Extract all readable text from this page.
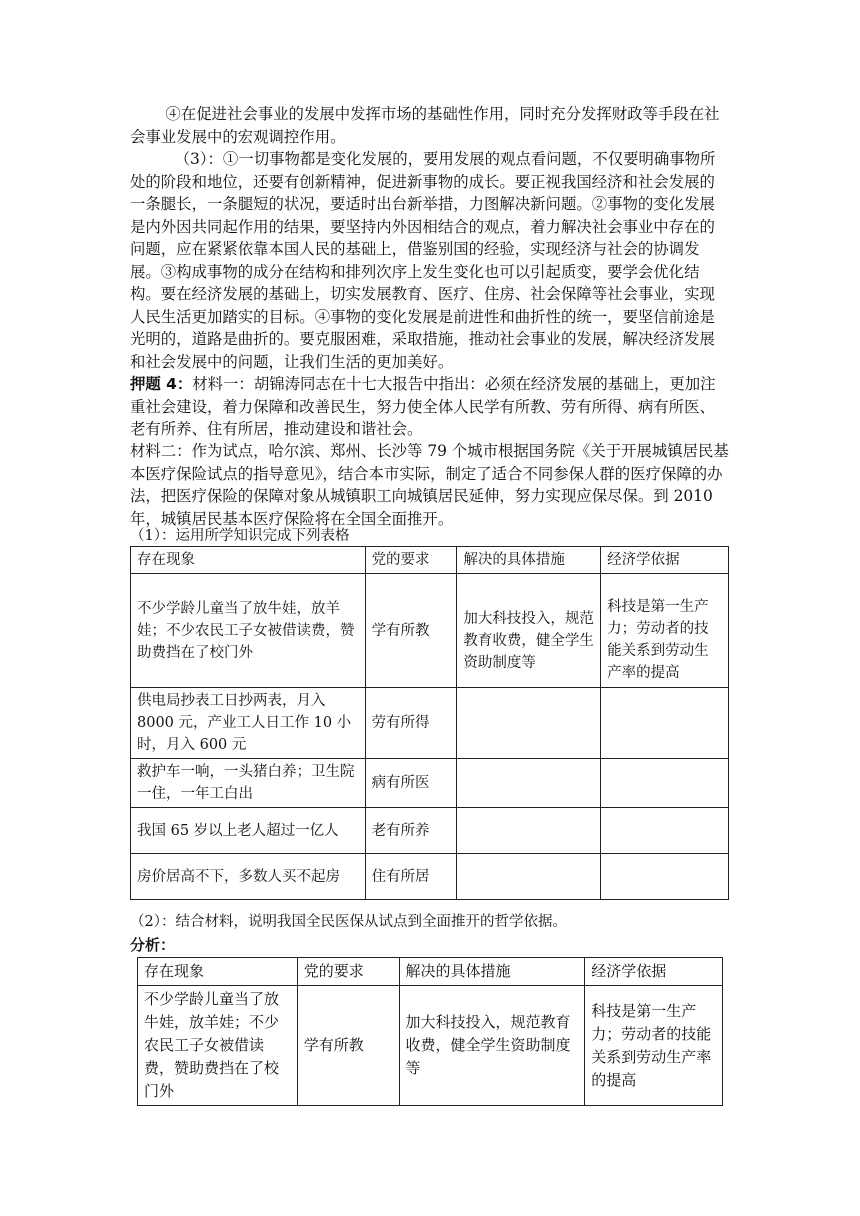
④在促进社会事业的发展中发挥市场的基础性作用，同时充分发挥财政等手段在社会事业发展中的宏观调控作用。
（3）：①一切事物都是变化发展的，要用发展的观点看问题，不仅要明确事物所处的阶段和地位，还要有创新精神，促进新事物的成长。要正视我国经济和社会发展的一条腿长，一条腿短的状况，要适时出台新举措，力图解决新问题。②事物的变化发展是内外因共同起作用的结果，要坚持内外因相结合的观点，着力解决社会事业中存在的问题，应在紧紧依靠本国人民的基础上，借鉴别国的经验，实现经济与社会的协调发展。③构成事物的成分在结构和排列次序上发生变化也可以引起质变，要学会优化结构。要在经济发展的基础上，切实发展教育、医疗、住房、社会保障等社会事业，实现人民生活更加踏实的目标。④事物的变化发展是前进性和曲折性的统一，要坚信前途是光明的，道路是曲折的。要克服困难，采取措施，推动社会事业的发展，解决经济发展和社会发展中的问题，让我们生活的更加美好。
押题 4：材料一：胡锦涛同志在十七大报告中指出：必须在经济发展的基础上，更加注重社会建设，着力保障和改善民生，努力使全体人民学有所教、劳有所得、病有所医、老有所养、住有所居，推动建设和谐社会。
材料二：作为试点，哈尔滨、郑州、长沙等 79 个城市根据国务院《关于开展城镇居民基本医疗保险试点的指导意见》，结合本市实际，制定了适合不同参保人群的医疗保障的办法，把医疗保险的保障对象从城镇职工向城镇居民延伸，努力实现应保尽保。到 2010 年，城镇居民基本医疗保险将在全国全面推开。
（1）：运用所学知识完成下列表格
存在现象	党的要求	解决的具体措施	经济学依据
不少学龄儿童当了放牛娃，放羊娃；不少农民工子女被借读费，赞助费挡在了校门外	学有所教	加大科技投入，规范教育收费，健全学生资助制度等	科技是第一生产力；劳动者的技能关系到劳动生产率的提高
供电局抄表工日抄两表，月入 8000 元，产业工人日工作 10 小时，月入 600 元	劳有所得		
救护车一响，一头猪白养；卫生院一住，一年工白出	病有所医		
我国 65 岁以上老人超过一亿人	老有所养		
房价居高不下，多数人买不起房	住有所居		
（2）：结合材料，说明我国全民医保从试点到全面推开的哲学依据。
分析：
存在现象	党的要求	解决的具体措施	经济学依据
不少学龄儿童当了放牛娃，放羊娃；不少农民工子女被借读费，赞助费挡在了校门外	学有所教	加大科技投入，规范教育收费，健全学生资助制度等	科技是第一生产力；劳动者的技能关系到劳动生产率的提高
